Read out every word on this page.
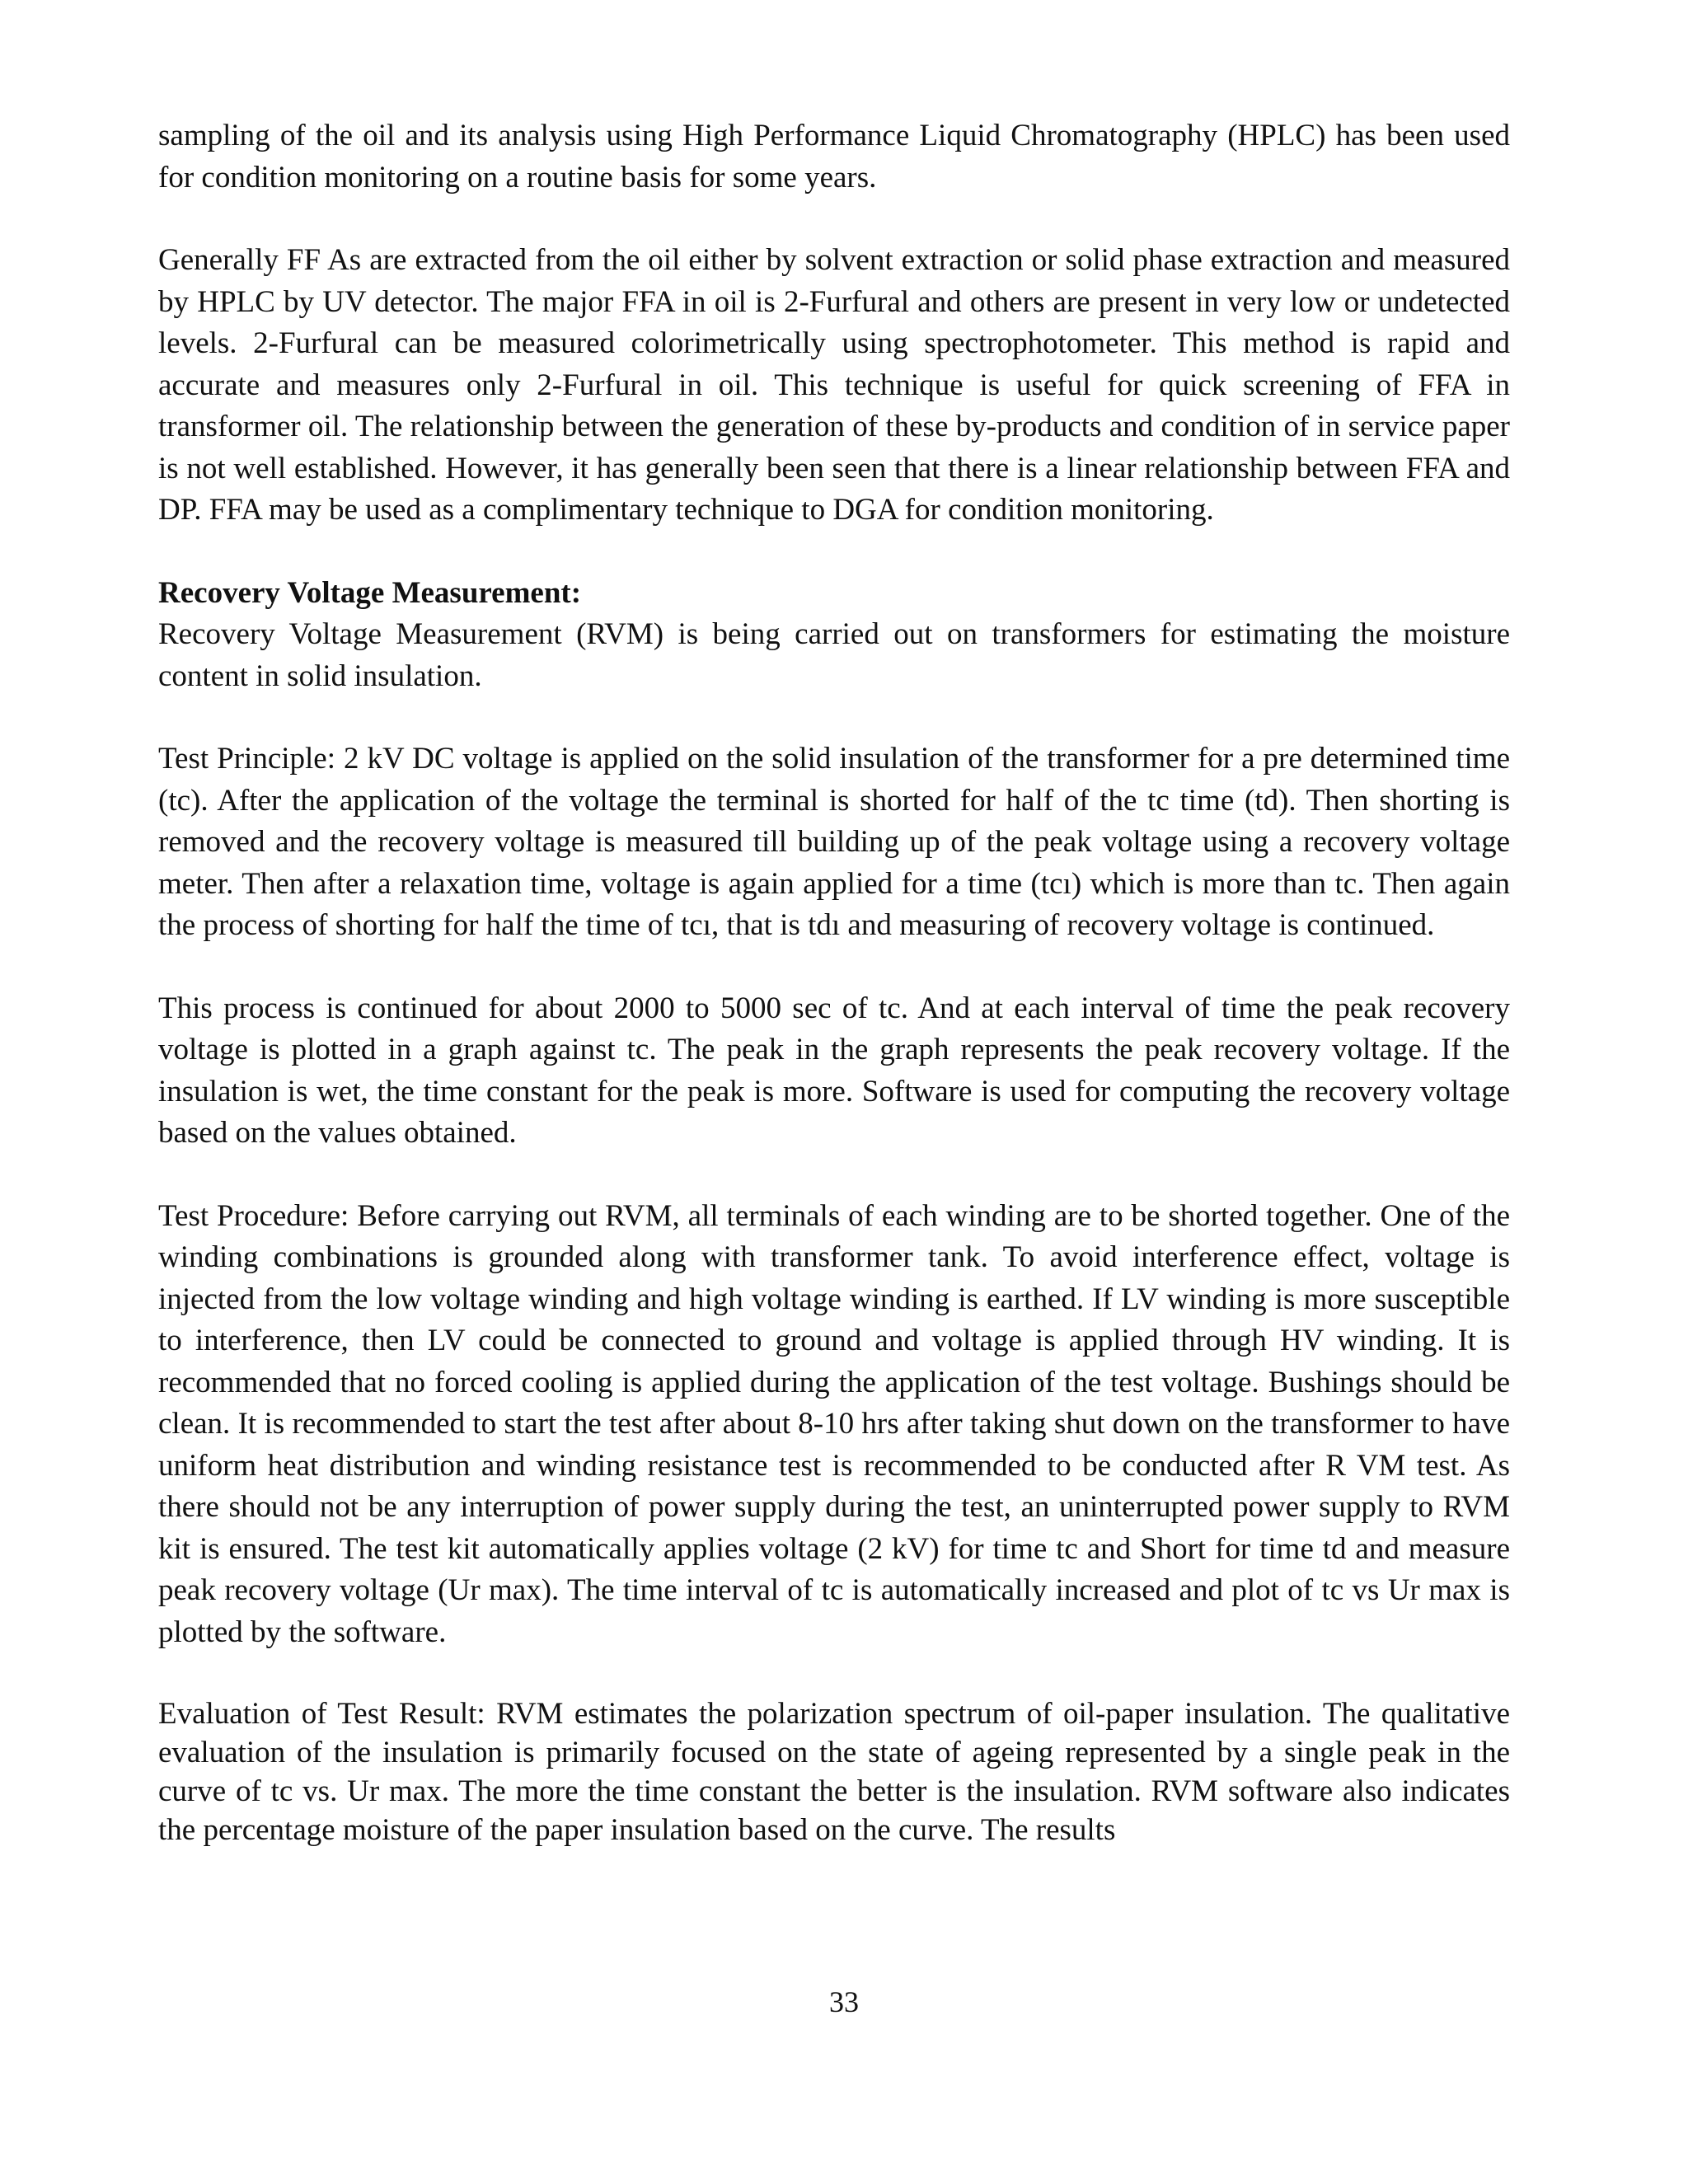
sampling of the oil and its analysis using High Performance Liquid Chromatography (HPLC) has been used for condition monitoring on a routine basis for some years.

Generally FF As are extracted from the oil either by solvent extraction or solid phase extraction and measured by HPLC by UV detector. The major FFA in oil is 2-Furfural and others are present in very low or undetected levels. 2-Furfural can be measured colorimetrically using spectrophotometer. This method is rapid and accurate and measures only 2-Furfural in oil. This technique is useful for quick screening of FFA in transformer oil. The relationship between the generation of these by-products and condition of in service paper is not well established. However, it has generally been seen that there is a linear relationship between FFA and DP. FFA may be used as a complimentary technique to DGA for condition monitoring.

Recovery Voltage Measurement:

Recovery Voltage Measurement (RVM) is being carried out on transformers for estimating the moisture content in solid insulation.

Test Principle: 2 kV DC voltage is applied on the solid insulation of the transformer for a pre determined time (tc). After the application of the voltage the terminal is shorted for half of the tc time (td). Then shorting is removed and the recovery voltage is measured till building up of the peak voltage using a recovery voltage meter. Then after a relaxation time, voltage is again applied for a time (tcı) which is more than tc. Then again the process of shorting for half the time of tcı, that is tdı and measuring of recovery voltage is continued.

This process is continued for about 2000 to 5000 sec of tc. And at each interval of time the peak recovery voltage is plotted in a graph against tc. The peak in the graph represents the peak recovery voltage. If the insulation is wet, the time constant for the peak is more. Software is used for computing the recovery voltage based on the values obtained.

Test Procedure: Before carrying out RVM, all terminals of each winding are to be shorted together. One of the winding combinations is grounded along with transformer tank. To avoid interference effect, voltage is injected from the low voltage winding and high voltage winding is earthed. If LV winding is more susceptible to interference, then LV could be connected to ground and voltage is applied through HV winding. It is recommended that no forced cooling is applied during the application of the test voltage. Bushings should be clean. It is recommended to start the test after about 8-10 hrs after taking shut down on the transformer to have uniform heat distribution and winding resistance test is recommended to be conducted after R VM test. As there should not be any interruption of power supply during the test, an uninterrupted power supply to RVM kit is ensured. The test kit automatically applies voltage (2 kV) for time tc and Short for time td and measure peak recovery voltage (Ur max). The time interval of tc is automatically increased and plot of tc vs Ur max is plotted by the software.

Evaluation of Test Result: RVM estimates the polarization spectrum of oil-paper insulation. The qualitative evaluation of the insulation is primarily focused on the state of ageing represented by a single peak in the curve of tc vs. Ur max. The more the time constant the better is the insulation. RVM software also indicates the percentage moisture of the paper insulation based on the curve. The results

33
